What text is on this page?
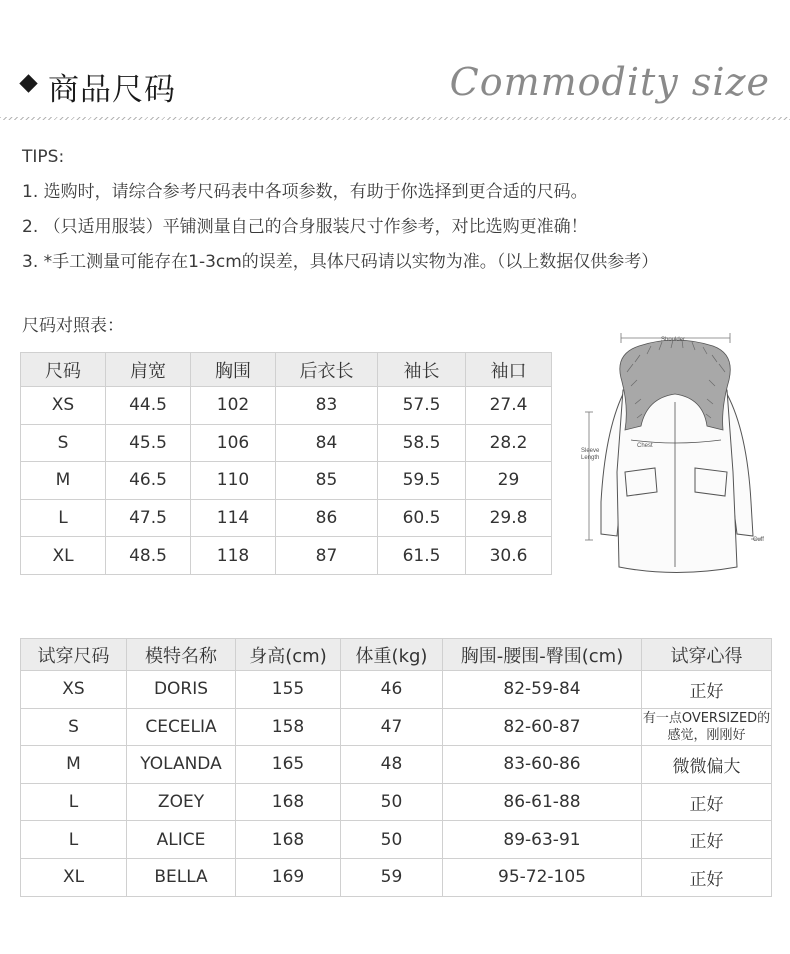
商品尺码	Commodity size
TIPS:
1. 选购时，请综合参考尺码表中各项参数，有助于你选择到更合适的尺码。
2. （只适用服装）平铺测量自己的合身服装尺寸作参考，对比选购更准确！
3. *手工测量可能存在1-3cm的误差，具体尺码请以实物为准。（以上数据仅供参考）
尺码对照表：
尺码	肩宽	胸围	后衣长	袖长	袖口
XS	44.5	102	83	57.5	27.4
S	45.5	106	84	58.5	28.2
M	46.5	110	85	59.5	29
L	47.5	114	86	60.5	29.8
XL	48.5	118	87	61.5	30.6
Shoulder
Chest
Sleeve
Length
Cuff
试穿尺码	模特名称	身高(cm)	体重(kg)	胸围-腰围-臀围(cm)	试穿心得
XS	DORIS	155	46	82-59-84	正好
S	CECELIA	158	47	82-60-87	有一点OVERSIZED的感觉，刚刚好
M	YOLANDA	165	48	83-60-86	微微偏大
L	ZOEY	168	50	86-61-88	正好
L	ALICE	168	50	89-63-91	正好
XL	BELLA	169	59	95-72-105	正好
